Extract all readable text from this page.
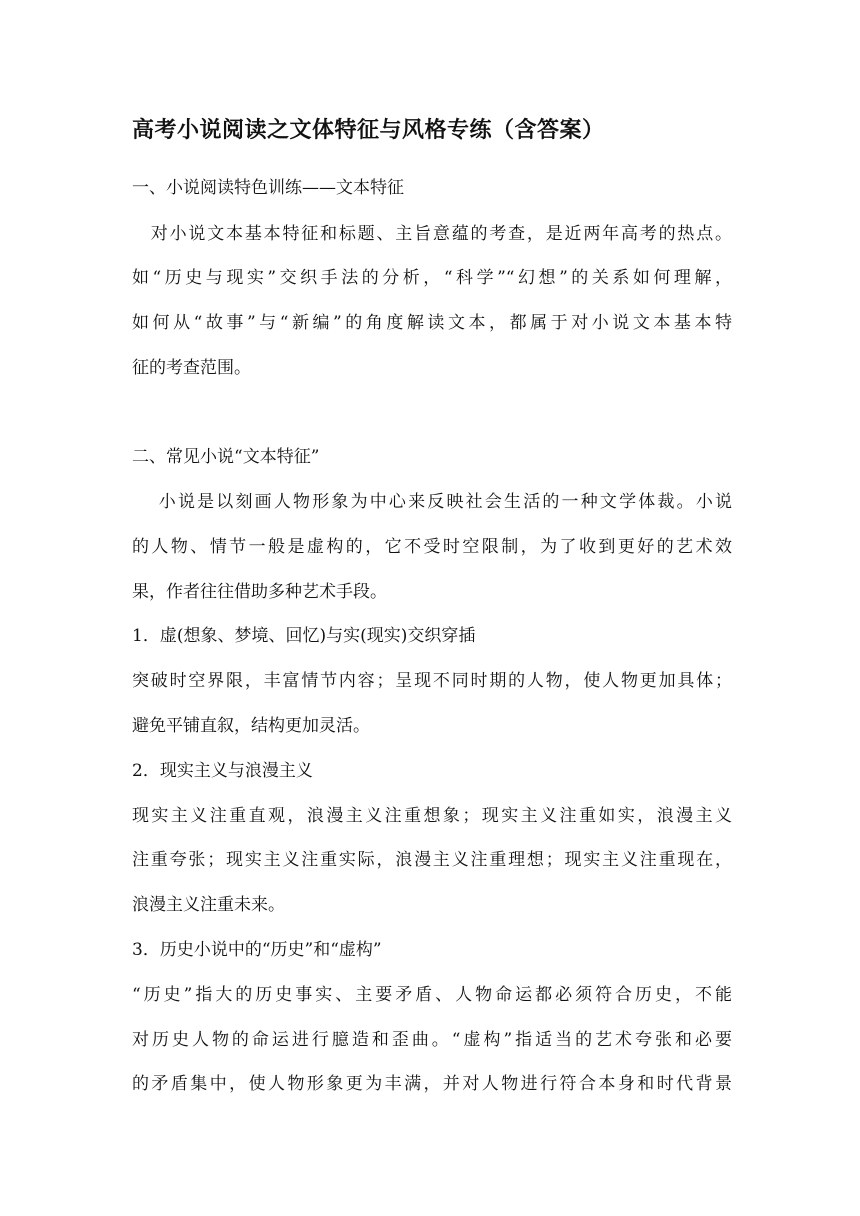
高考小说阅读之文体特征与风格专练（含答案）
一、小说阅读特色训练——文本特征
　对小说文本基本特征和标题、主旨意蕴的考查，是近两年高考的热点。
如“历史与现实”交织手法的分析，“科学”“幻想”的关系如何理解，
如何从“故事”与“新编”的角度解读文本，都属于对小说文本基本特
征的考查范围。
二、常见小说“文本特征”
　 小说是以刻画人物形象为中心来反映社会生活的一种文学体裁。小说
的人物、情节一般是虚构的，它不受时空限制，为了收到更好的艺术效
果，作者往往借助多种艺术手段。
1．虚(想象、梦境、回忆)与实(现实)交织穿插
突破时空界限，丰富情节内容；呈现不同时期的人物，使人物更加具体；
避免平铺直叙，结构更加灵活。
2．现实主义与浪漫主义
现实主义注重直观，浪漫主义注重想象；现实主义注重如实，浪漫主义
注重夸张；现实主义注重实际，浪漫主义注重理想；现实主义注重现在，
浪漫主义注重未来。
3．历史小说中的“历史”和“虚构”
“历史”指大的历史事实、主要矛盾、人物命运都必须符合历史，不能
对历史人物的命运进行臆造和歪曲。“虚构”指适当的艺术夸张和必要
的矛盾集中，使人物形象更为丰满，并对人物进行符合本身和时代背景
